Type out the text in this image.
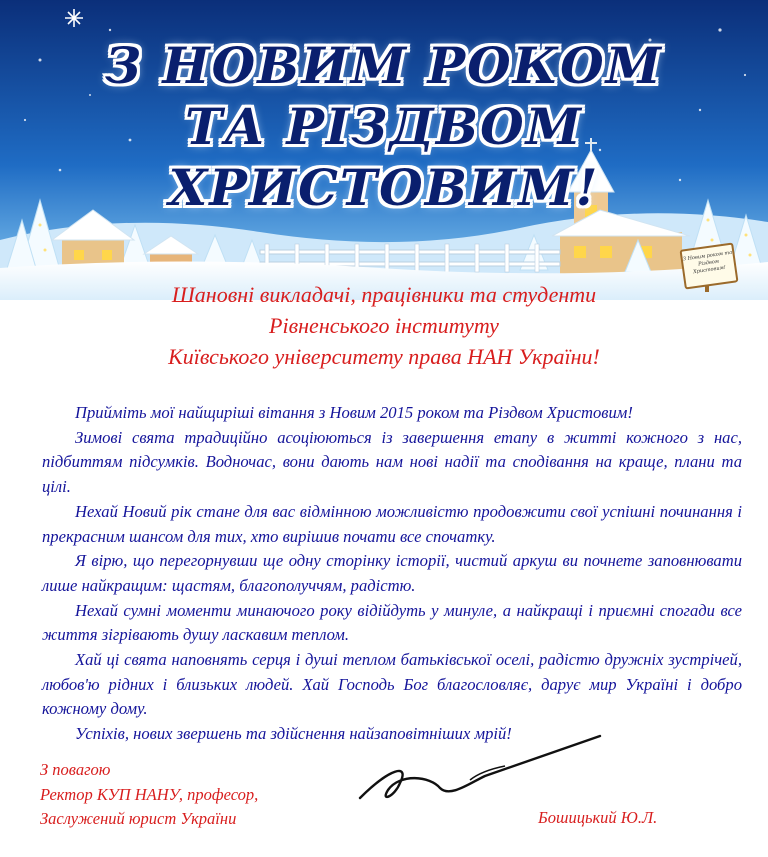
З НОВИМ РОКОМ
ТА РІЗДВОМ
ХРИСТОВИМ!
З Новим роком та Різдвом Христовим!
Шановні викладачі, працівники та студенти
Рівненського інституту
Київського університету права НАН України!

Прийміть мої найщиріші вітання з Новим 2015 роком та Різдвом Христовим!

Зимові свята традиційно асоціюються із завершення етапу в житті кожного з нас, підбиттям підсумків. Водночас, вони дають нам нові надії та сподівання на краще, плани та цілі.

Нехай Новий рік стане для вас відмінною можливістю продовжити свої успішні починання і прекрасним шансом для тих, хто вирішив почати все спочатку.

Я вірю, що перегорнувши ще одну сторінку історії, чистий аркуш ви почнете заповнювати лише найкращим: щастям, благополуччям, радістю.

Нехай сумні моменти минаючого року відійдуть у минуле, а найкращі і приємні спогади все життя зігрівають душу ласкавим теплом.

Хай ці свята наповнять серця і душі теплом батьківської оселі, радістю дружніх зустрічей, любов'ю рідних і близьких людей. Хай Господь Бог благословляє, дарує мир Україні і добро кожному дому.

Успіхів, нових звершень та здійснення найзаповітніших мрій!

З повагою
Ректор КУП НАНУ, професор,
Заслужений юрист України	Бошицький Ю.Л.
